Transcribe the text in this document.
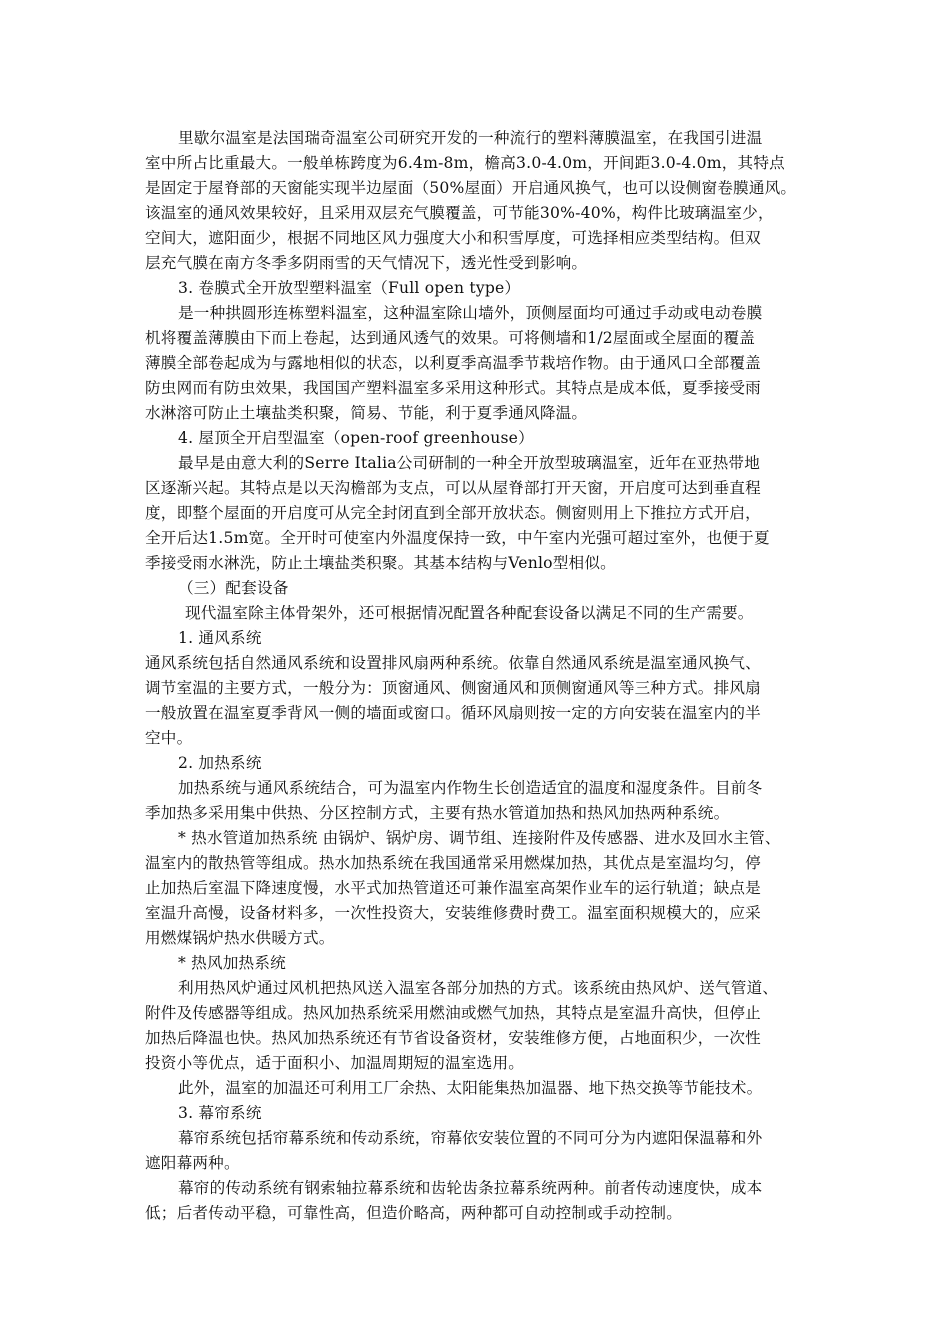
里歇尔温室是法国瑞奇温室公司研究开发的一种流行的塑料薄膜温室，在我国引进温
室中所占比重最大。一般单栋跨度为6.4m-8m，檐高3.0-4.0m，开间距3.0-4.0m，其特点
是固定于屋脊部的天窗能实现半边屋面（50%屋面）开启通风换气，也可以设侧窗卷膜通风。
该温室的通风效果较好，且采用双层充气膜覆盖，可节能30%-40%，构件比玻璃温室少，
空间大，遮阳面少，根据不同地区风力强度大小和积雪厚度，可选择相应类型结构。但双
层充气膜在南方冬季多阴雨雪的天气情况下，透光性受到影响。
3. 卷膜式全开放型塑料温室（Full open type）
是一种拱圆形连栋塑料温室，这种温室除山墙外，顶侧屋面均可通过手动或电动卷膜
机将覆盖薄膜由下而上卷起，达到通风透气的效果。可将侧墙和1/2屋面或全屋面的覆盖
薄膜全部卷起成为与露地相似的状态，以利夏季高温季节栽培作物。由于通风口全部覆盖
防虫网而有防虫效果，我国国产塑料温室多采用这种形式。其特点是成本低，夏季接受雨
水淋溶可防止土壤盐类积聚，简易、节能，利于夏季通风降温。
4. 屋顶全开启型温室（open-roof greenhouse）
最早是由意大利的Serre Italia公司研制的一种全开放型玻璃温室，近年在亚热带地
区逐渐兴起。其特点是以天沟檐部为支点，可以从屋脊部打开天窗，开启度可达到垂直程
度，即整个屋面的开启度可从完全封闭直到全部开放状态。侧窗则用上下推拉方式开启，
全开后达1.5m宽。全开时可使室内外温度保持一致，中午室内光强可超过室外，也便于夏
季接受雨水淋洗，防止土壤盐类积聚。其基本结构与Venlo型相似。
（三）配套设备
现代温室除主体骨架外，还可根据情况配置各种配套设备以满足不同的生产需要。
1. 通风系统
通风系统包括自然通风系统和设置排风扇两种系统。依靠自然通风系统是温室通风换气、
调节室温的主要方式，一般分为：顶窗通风、侧窗通风和顶侧窗通风等三种方式。排风扇
一般放置在温室夏季背风一侧的墙面或窗口。循环风扇则按一定的方向安装在温室内的半
空中。
2. 加热系统
加热系统与通风系统结合，可为温室内作物生长创造适宜的温度和湿度条件。目前冬
季加热多采用集中供热、分区控制方式，主要有热水管道加热和热风加热两种系统。
* 热水管道加热系统 由锅炉、锅炉房、调节组、连接附件及传感器、进水及回水主管、
温室内的散热管等组成。热水加热系统在我国通常采用燃煤加热，其优点是室温均匀，停
止加热后室温下降速度慢，水平式加热管道还可兼作温室高架作业车的运行轨道；缺点是
室温升高慢，设备材料多，一次性投资大，安装维修费时费工。温室面积规模大的，应采
用燃煤锅炉热水供暖方式。
* 热风加热系统
利用热风炉通过风机把热风送入温室各部分加热的方式。该系统由热风炉、送气管道、
附件及传感器等组成。热风加热系统采用燃油或燃气加热，其特点是室温升高快，但停止
加热后降温也快。热风加热系统还有节省设备资材，安装维修方便，占地面积少，一次性
投资小等优点，适于面积小、加温周期短的温室选用。
此外，温室的加温还可利用工厂余热、太阳能集热加温器、地下热交换等节能技术。
3. 幕帘系统
幕帘系统包括帘幕系统和传动系统，帘幕依安装位置的不同可分为内遮阳保温幕和外
遮阳幕两种。
幕帘的传动系统有钢索轴拉幕系统和齿轮齿条拉幕系统两种。前者传动速度快，成本
低；后者传动平稳，可靠性高，但造价略高，两种都可自动控制或手动控制。
